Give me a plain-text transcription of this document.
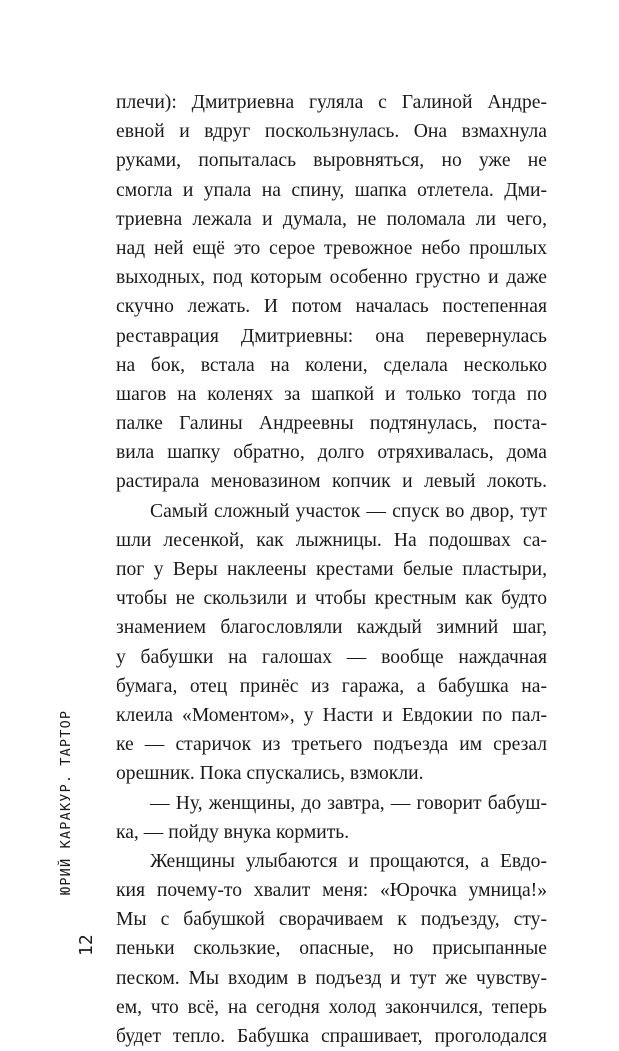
плечи): Дмитриевна гуляла с Галиной Андре-
евной и вдруг поскользнулась. Она взмахнула
руками, попыталась выровняться, но уже не
смогла и упала на спину, шапка отлетела. Дми-
триевна лежала и думала, не поломала ли чего,
над ней ещё это серое тревожное небо прошлых
выходных, под которым особенно грустно и даже
скучно лежать. И потом началась постепенная
реставрация Дмитриевны: она перевернулась
на бок, встала на колени, сделала несколько
шагов на коленях за шапкой и только тогда по
палке Галины Андреевны подтянулась, поста-
вила шапку обратно, долго отряхивалась, дома
растирала меновазином копчик и левый локоть.
Самый сложный участок — спуск во двор, тут
шли лесенкой, как лыжницы. На подошвах са-
пог у Веры наклеены крестами белые пластыри,
чтобы не скользили и чтобы крестным как будто
знамением благословляли каждый зимний шаг,
у бабушки на галошах — вообще наждачная
бумага, отец принёс из гаража, а бабушка на-
клеила «Моментом», у Насти и Евдокии по пал-
ке — старичок из третьего подъезда им срезал
орешник. Пока спускались, взмокли.
— Ну, женщины, до завтра, — говорит бабуш-
ка, — пойду внука кормить.
Женщины улыбаются и прощаются, а Евдо-
кия почему-то хвалит меня: «Юрочка умница!»
Мы с бабушкой сворачиваем к подъезду, сту-
пеньки скользкие, опасные, но присыпанные
песком. Мы входим в подъезд и тут же чувству-
ем, что всё, на сегодня холод закончился, теперь
будет тепло. Бабушка спрашивает, проголодался
ЮРИЙ КАРАКУР.ТАРТОР
12
